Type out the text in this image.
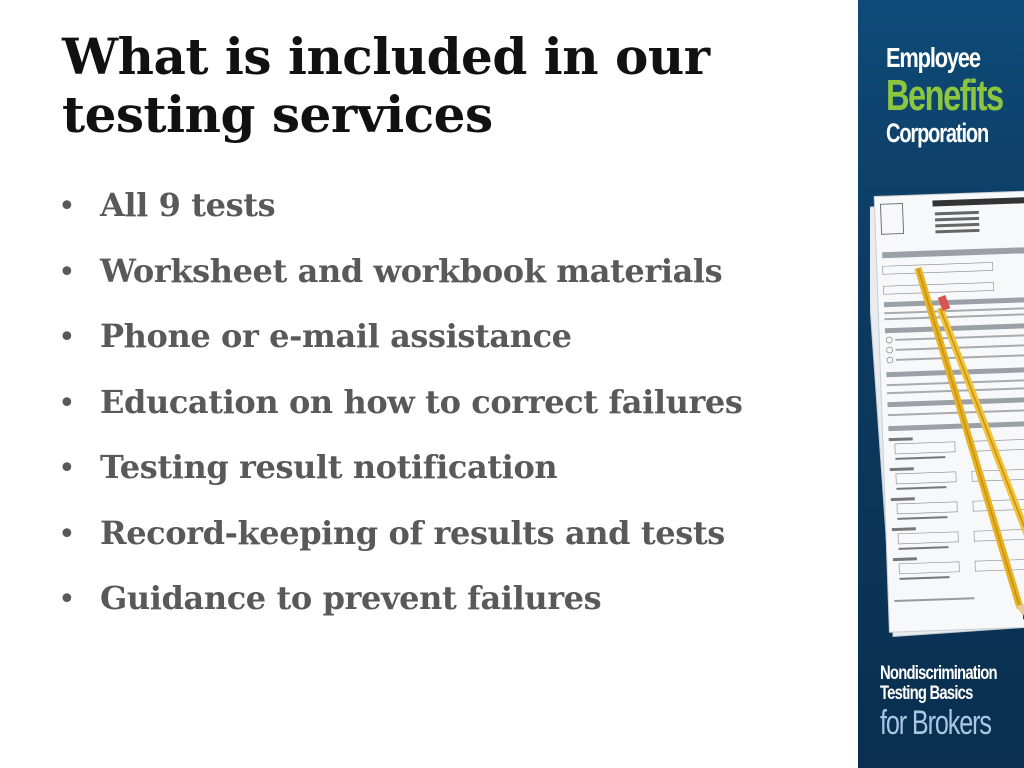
What is included in our
testing services
• All 9 tests
• Worksheet and workbook materials
• Phone or e-mail assistance
• Education on how to correct failures
• Testing result notification
• Record-keeping of results and tests
• Guidance to prevent failures
Employee
Benefits
Corporation
Nondiscrimination
Testing Basics
for Brokers
